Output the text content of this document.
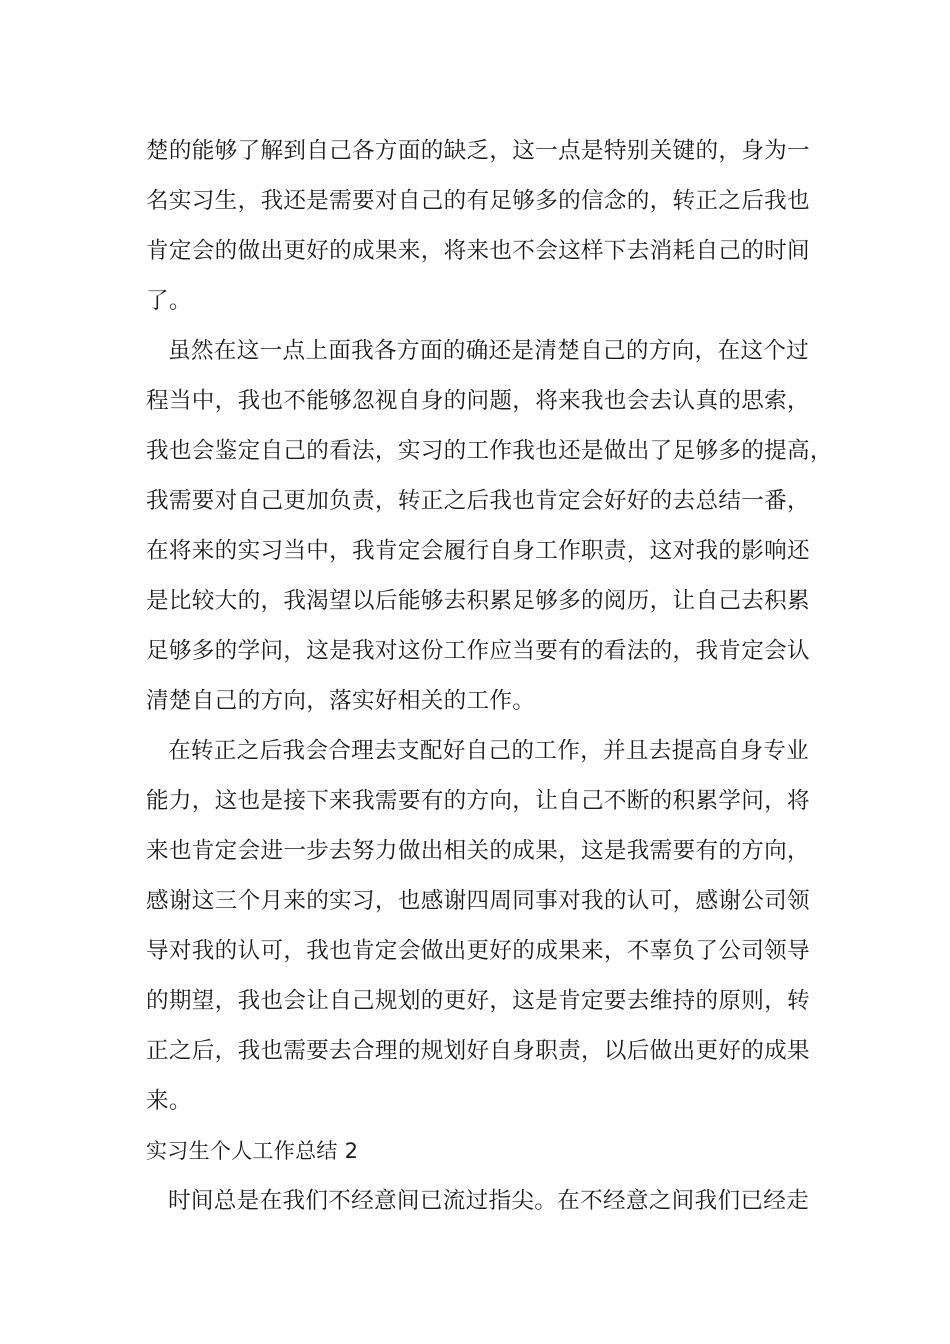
楚的能够了解到自己各方面的缺乏，这一点是特别关键的，身为一
名实习生，我还是需要对自己的有足够多的信念的，转正之后我也
肯定会的做出更好的成果来，将来也不会这样下去消耗自己的时间
了。
虽然在这一点上面我各方面的确还是清楚自己的方向，在这个过
程当中，我也不能够忽视自身的问题，将来我也会去认真的思索，
我也会鉴定自己的看法，实习的工作我也还是做出了足够多的提高，
我需要对自己更加负责，转正之后我也肯定会好好的去总结一番，
在将来的实习当中，我肯定会履行自身工作职责，这对我的影响还
是比较大的，我渴望以后能够去积累足够多的阅历，让自己去积累
足够多的学问，这是我对这份工作应当要有的看法的，我肯定会认
清楚自己的方向，落实好相关的工作。
在转正之后我会合理去支配好自己的工作，并且去提高自身专业
能力，这也是接下来我需要有的方向，让自己不断的积累学问，将
来也肯定会进一步去努力做出相关的成果，这是我需要有的方向，
感谢这三个月来的实习，也感谢四周同事对我的认可，感谢公司领
导对我的认可，我也肯定会做出更好的成果来，不辜负了公司领导
的期望，我也会让自己规划的更好，这是肯定要去维持的原则，转
正之后，我也需要去合理的规划好自身职责，以后做出更好的成果
来。
实习生个人工作总结 2
时间总是在我们不经意间已流过指尖。在不经意之间我们已经走
